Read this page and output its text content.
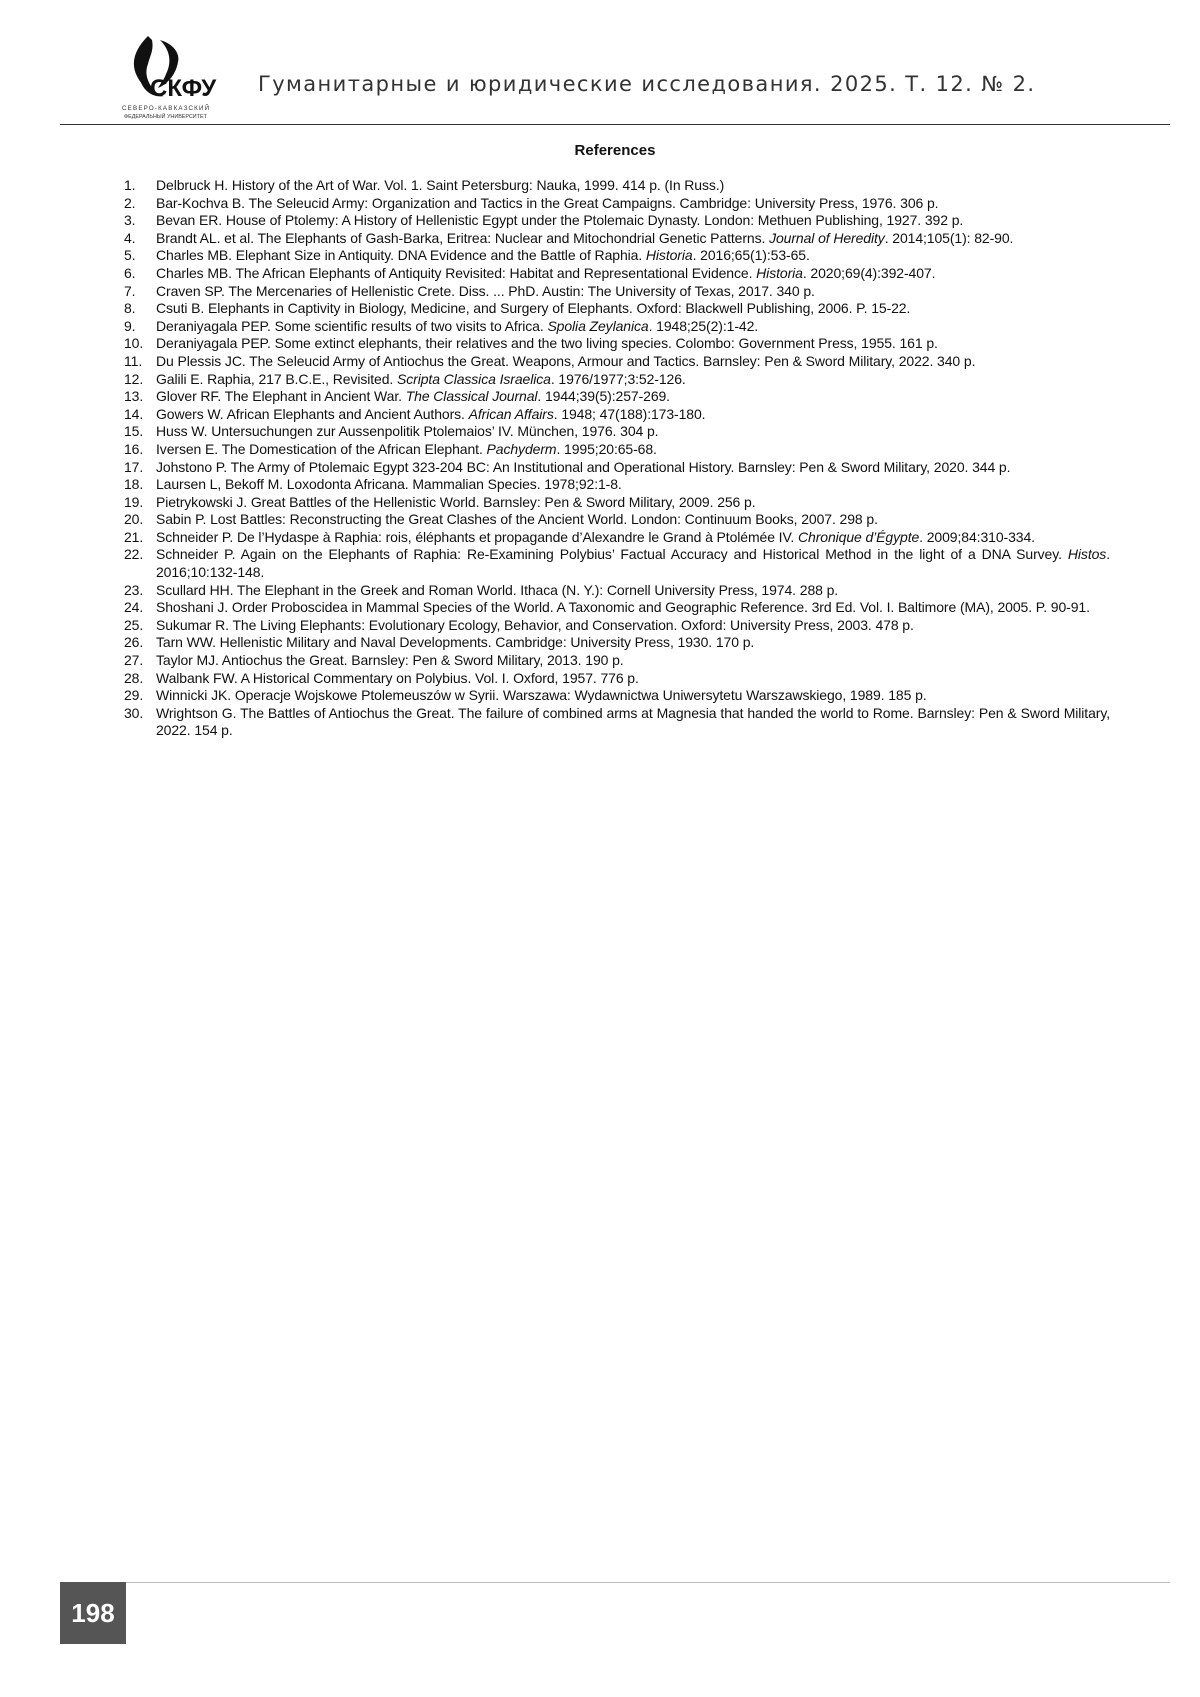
СКФУ
СЕВЕРО-КАВКАЗСКИЙ
ФЕДЕРАЛЬНЫЙ УНИВЕРСИТЕТ
Гуманитарные и юридические исследования. 2025. Т. 12. № 2.
References
1. Delbruck H. History of the Art of War. Vol. 1. Saint Petersburg: Nauka, 1999. 414 p. (In Russ.)
2. Bar-Kochva B. The Seleucid Army: Organization and Tactics in the Great Campaigns. Cambridge: University Press, 1976. 306 p.
3. Bevan ER. House of Ptolemy: A History of Hellenistic Egypt under the Ptolemaic Dynasty. London: Methuen Publishing, 1927. 392 p.
4. Brandt AL. et al. The Elephants of Gash-Barka, Eritrea: Nuclear and Mitochondrial Genetic Patterns. Journal of Heredity. 2014;105(1): 82-90.
5. Charles MB. Elephant Size in Antiquity. DNA Evidence and the Battle of Raphia. Historia. 2016;65(1):53-65.
6. Charles MB. The African Elephants of Antiquity Revisited: Habitat and Representational Evidence. Historia. 2020;69(4):392-407.
7. Craven SP. The Mercenaries of Hellenistic Crete. Diss. ... PhD. Austin: The University of Texas, 2017. 340 p.
8. Csuti B. Elephants in Captivity in Biology, Medicine, and Surgery of Elephants. Oxford: Blackwell Publishing, 2006. P. 15-22.
9. Deraniyagala PEP. Some scientific results of two visits to Africa. Spolia Zeylanica. 1948;25(2):1-42.
10. Deraniyagala PEP. Some extinct elephants, their relatives and the two living species. Colombo: Government Press, 1955. 161 p.
11. Du Plessis JC. The Seleucid Army of Antiochus the Great. Weapons, Armour and Tactics. Barnsley: Pen & Sword Military, 2022. 340 p.
12. Galili E. Raphia, 217 B.C.E., Revisited. Scripta Classica Israelica. 1976/1977;3:52-126.
13. Glover RF. The Elephant in Ancient War. The Classical Journal. 1944;39(5):257-269.
14. Gowers W. African Elephants and Ancient Authors. African Affairs. 1948; 47(188):173-180.
15. Huss W. Untersuchungen zur Aussenpolitik Ptolemaios’ IV. München, 1976. 304 p.
16. Iversen E. The Domestication of the African Elephant. Pachyderm. 1995;20:65-68.
17. Johstono P. The Army of Ptolemaic Egypt 323-204 BC: An Institutional and Operational History. Barnsley: Pen & Sword Military, 2020. 344 p.
18. Laursen L, Bekoff M. Loxodonta Africana. Mammalian Species. 1978;92:1-8.
19. Pietrykowski J. Great Battles of the Hellenistic World. Barnsley: Pen & Sword Military, 2009. 256 p.
20. Sabin P. Lost Battles: Reconstructing the Great Clashes of the Ancient World. London: Continuum Books, 2007. 298 p.
21. Schneider P. De l’Hydaspe à Raphia: rois, éléphants et propagande d’Alexandre le Grand à Ptolémée IV. Chronique d’Égypte. 2009;84:310-334.
22. Schneider P. Again on the Elephants of Raphia: Re-Examining Polybius’ Factual Accuracy and Historical Method in the light of a DNA Survey. Histos. 2016;10:132-148.
23. Scullard HH. The Elephant in the Greek and Roman World. Ithaca (N. Y.): Cornell University Press, 1974. 288 p.
24. Shoshani J. Order Proboscidea in Mammal Species of the World. A Taxonomic and Geographic Reference. 3rd Ed. Vol. I. Baltimore (MA), 2005. P. 90-91.
25. Sukumar R. The Living Elephants: Evolutionary Ecology, Behavior, and Conservation. Oxford: University Press, 2003. 478 p.
26. Tarn WW. Hellenistic Military and Naval Developments. Cambridge: University Press, 1930. 170 p.
27. Taylor MJ. Antiochus the Great. Barnsley: Pen & Sword Military, 2013. 190 p.
28. Walbank FW. A Historical Commentary on Polybius. Vol. I. Oxford, 1957. 776 p.
29. Winnicki JK. Operacje Wojskowe Ptolemeuszów w Syrii. Warszawa: Wydawnictwa Uniwersytetu Warszawskiego, 1989. 185 p.
30. Wrightson G. The Battles of Antiochus the Great. The failure of combined arms at Magnesia that handed the world to Rome. Barnsley: Pen & Sword Military, 2022. 154 p.
198
